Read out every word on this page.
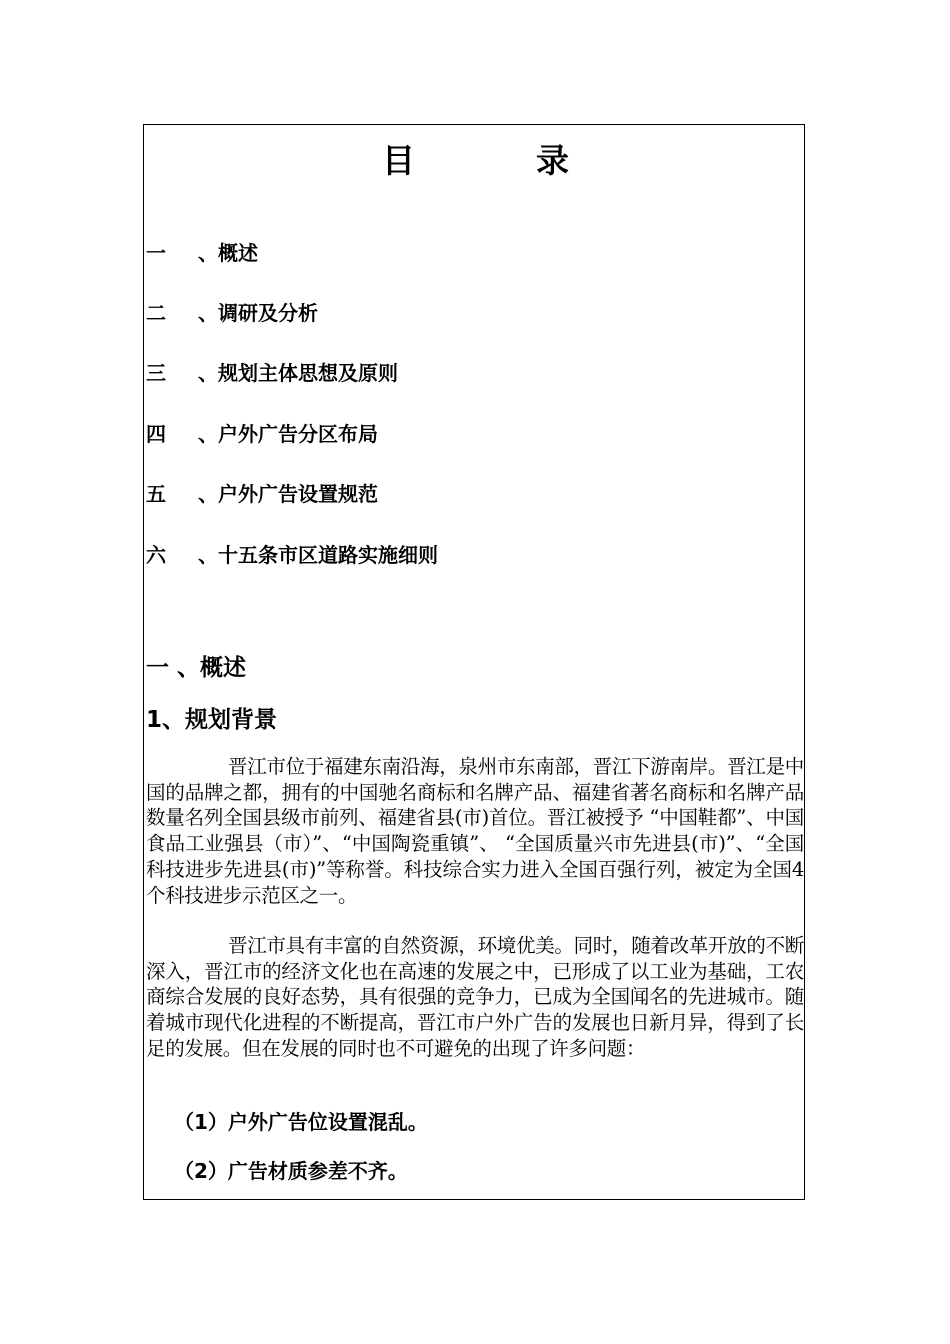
目	录
一 、概述
二 、调研及分析
三 、规划主体思想及原则
四 、户外广告分区布局
五 、户外广告设置规范
六 、十五条市区道路实施细则
一 、概述
1、规划背景

晋江市位于福建东南沿海，泉州市东南部，晋江下游南岸。晋江是中国的品牌之都，拥有的中国驰名商标和名牌产品、福建省著名商标和名牌产品数量名列全国县级市前列、福建省县(市)首位。晋江被授予 “中国鞋都”、中国食品工业强县（市）”、“中国陶瓷重镇”、 “全国质量兴市先进县(市)”、“全国科技进步先进县(市)”等称誉。科技综合实力进入全国百强行列，被定为全国4个科技进步示范区之一。

晋江市具有丰富的自然资源，环境优美。同时，随着改革开放的不断深入，晋江市的经济文化也在高速的发展之中，已形成了以工业为基础，工农商综合发展的良好态势，具有很强的竞争力，已成为全国闻名的先进城市。随着城市现代化进程的不断提高，晋江市户外广告的发展也日新月异，得到了长足的发展。但在发展的同时也不可避免的出现了许多问题：

（1）户外广告位设置混乱。
（2）广告材质参差不齐。
